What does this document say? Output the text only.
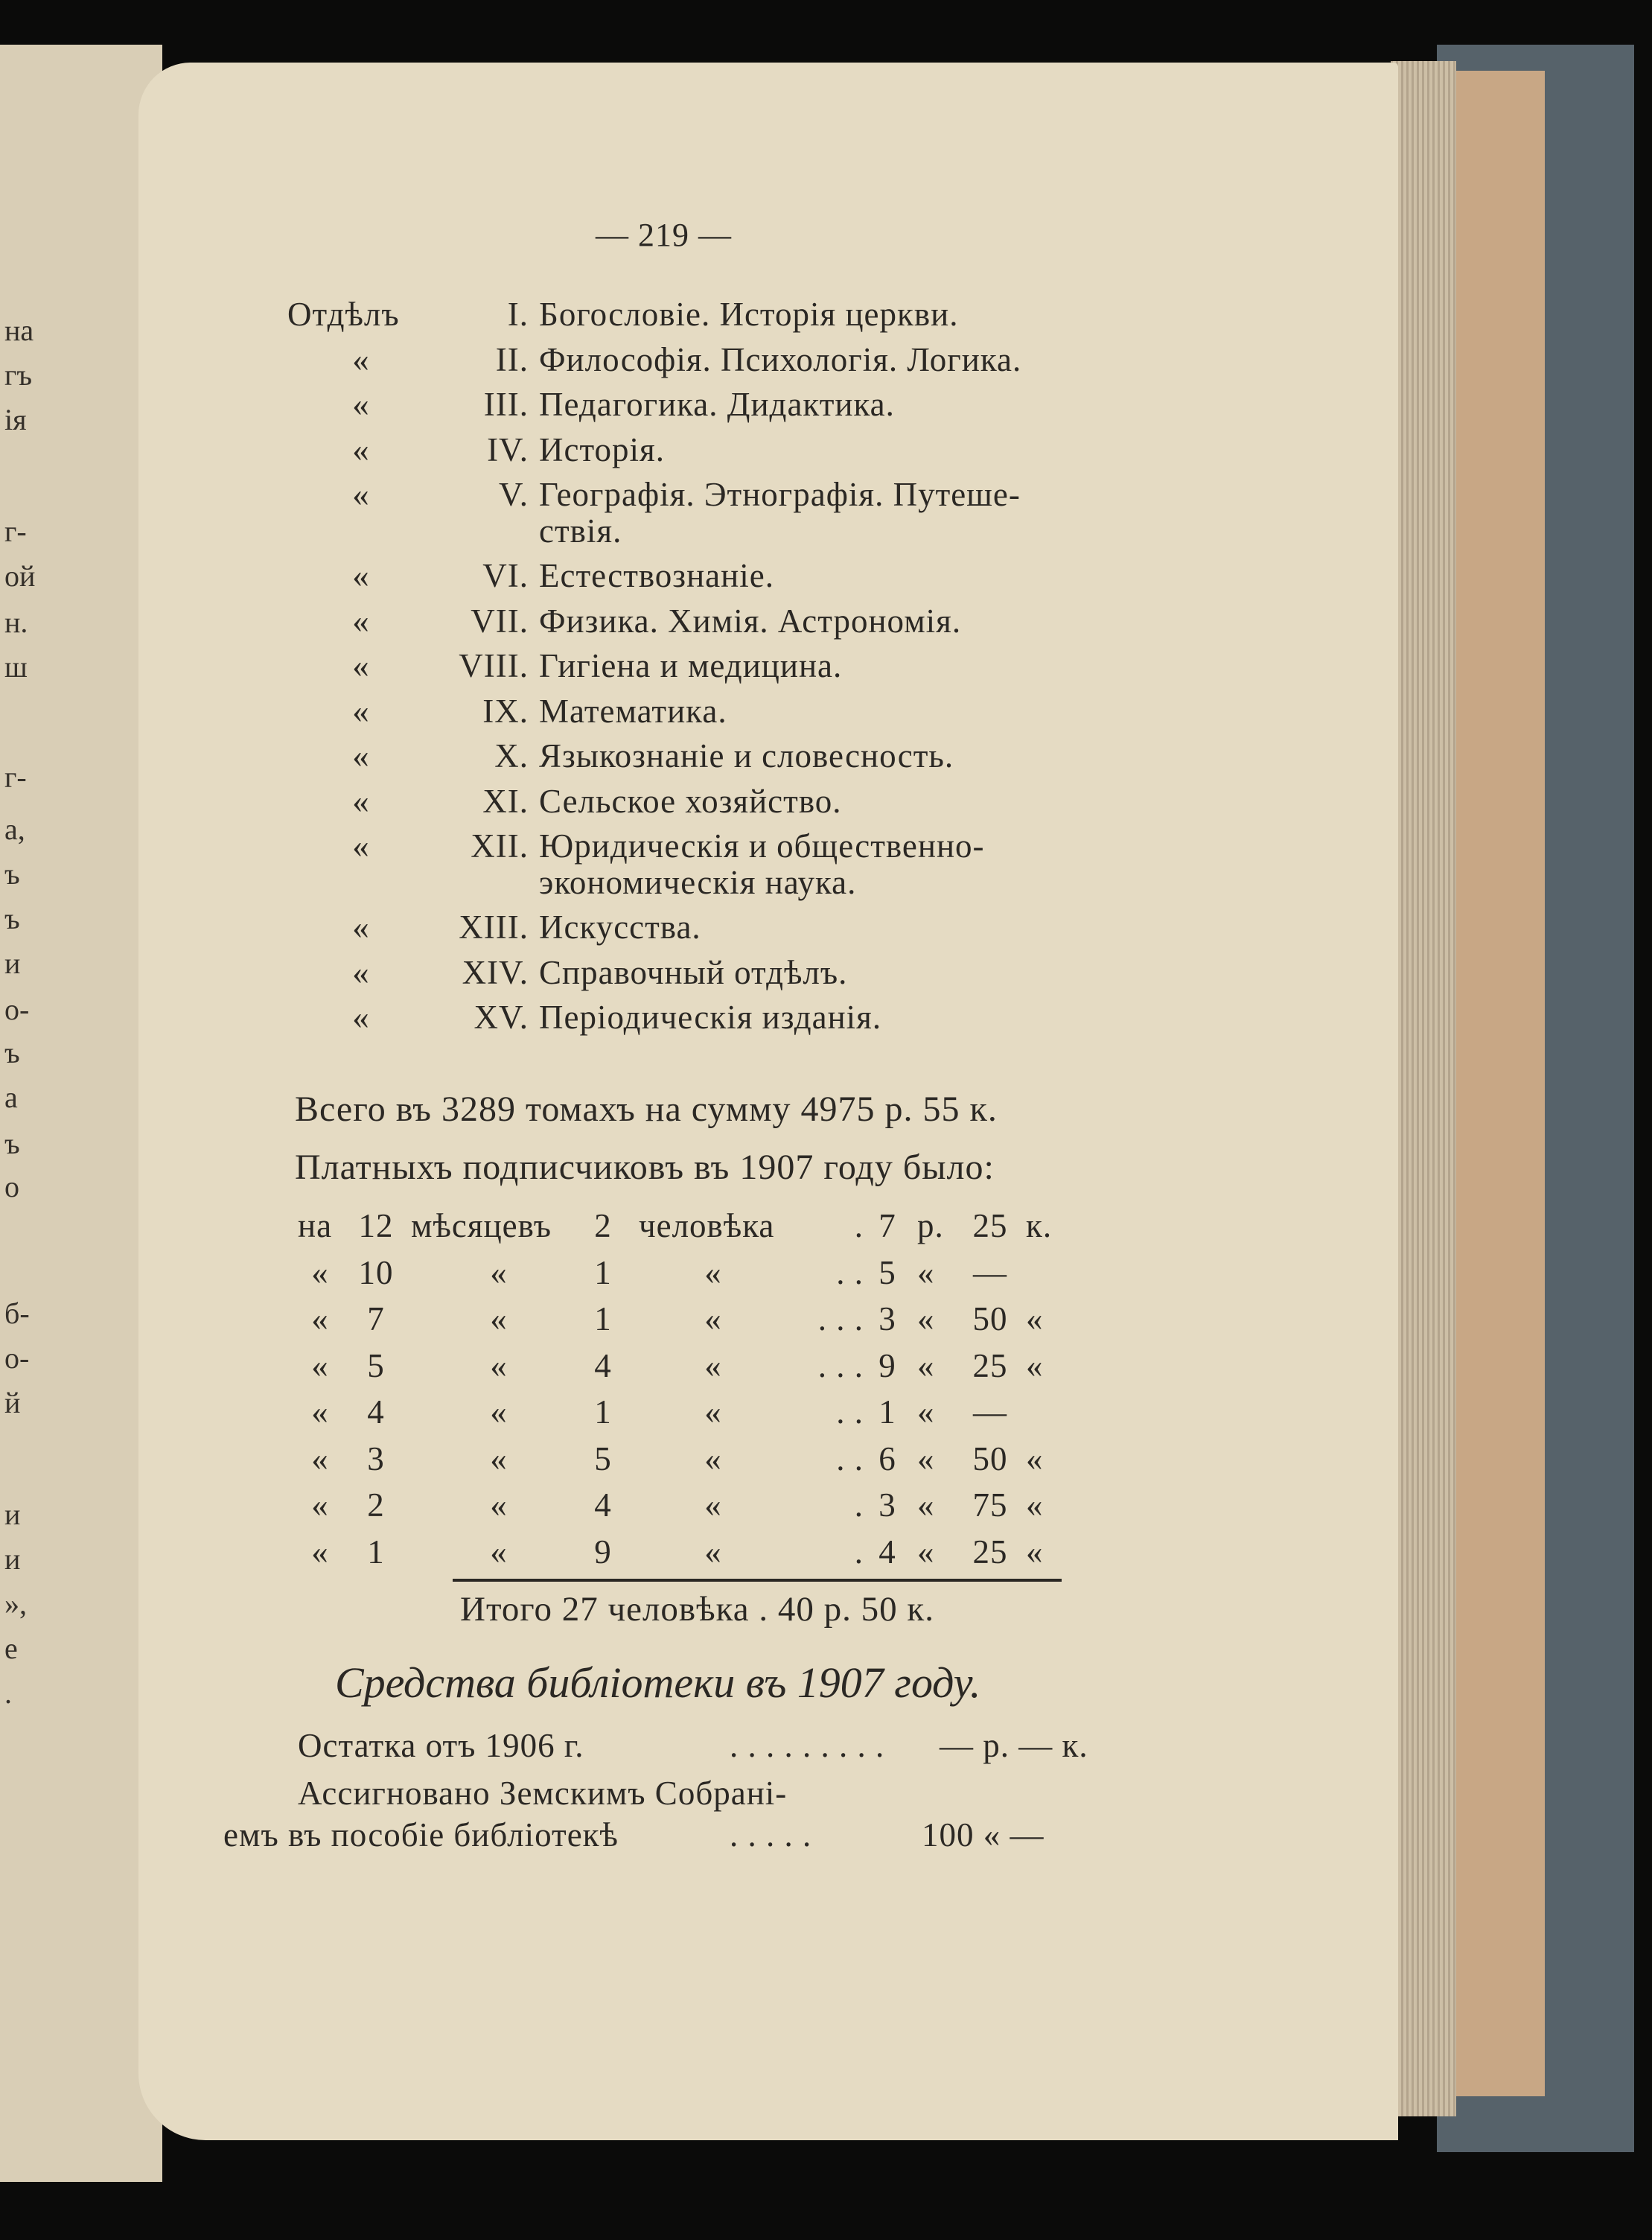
на
гъ
ія
г-
ой
н.
ш
г-
а,
ъ
ъ
и
о-
ъ
а
ъ
о
б-
о-
й
и
и
»,
е
.
— 219 —
Отдѣлъ	I. Богословіе. Исторія церкви.
«	II. Философія. Психологія. Логика.
«	III. Педагогика. Дидактика.
«	IV. Исторія.
«	V. Географія. Этнографія. Путеше-
ствія.
«	VI. Естествознаніе.
«	VII. Физика. Химія. Астрономія.
«	VIII. Гигіена и медицина.
«	IX. Математика.
«	X. Языкознаніе и словесность.
«	XI. Сельское хозяйство.
«	XII. Юридическія и общественно-
экономическія наука.
«	XIII. Искусства.
«	XIV. Справочный отдѣлъ.
«	XV. Періодическія изданія.
Всего въ 3289 томахъ на сумму 4975 р. 55 к.
Платныхъ подписчиковъ въ 1907 году было:
на 12 мѣсяцевъ	2 человѣка	. 7 р. 25 к.
« 10	«	1	«	. . 5 «	—
«	7	«	1	«	. . . 3 «	50 «
«	5	«	4	«	. . . 9 «	25 «
«	4	«	1	«	. . 1 «	—
«	3	«	5	«	. . 6 «	50 «
«	2	«	4	«	. 3 «	75 «
«	1	«	9	«	. 4 «	25 «
Итого 27 человѣка . 40 р. 50 к.
Средства библіотеки въ 1907 году.
Остатка отъ 1906 г.	. . . . . . . . . — р. — к.
Ассигновано Земскимъ Собрані-
емъ въ пособіе библіотекѣ	. . . . .	100 « —
